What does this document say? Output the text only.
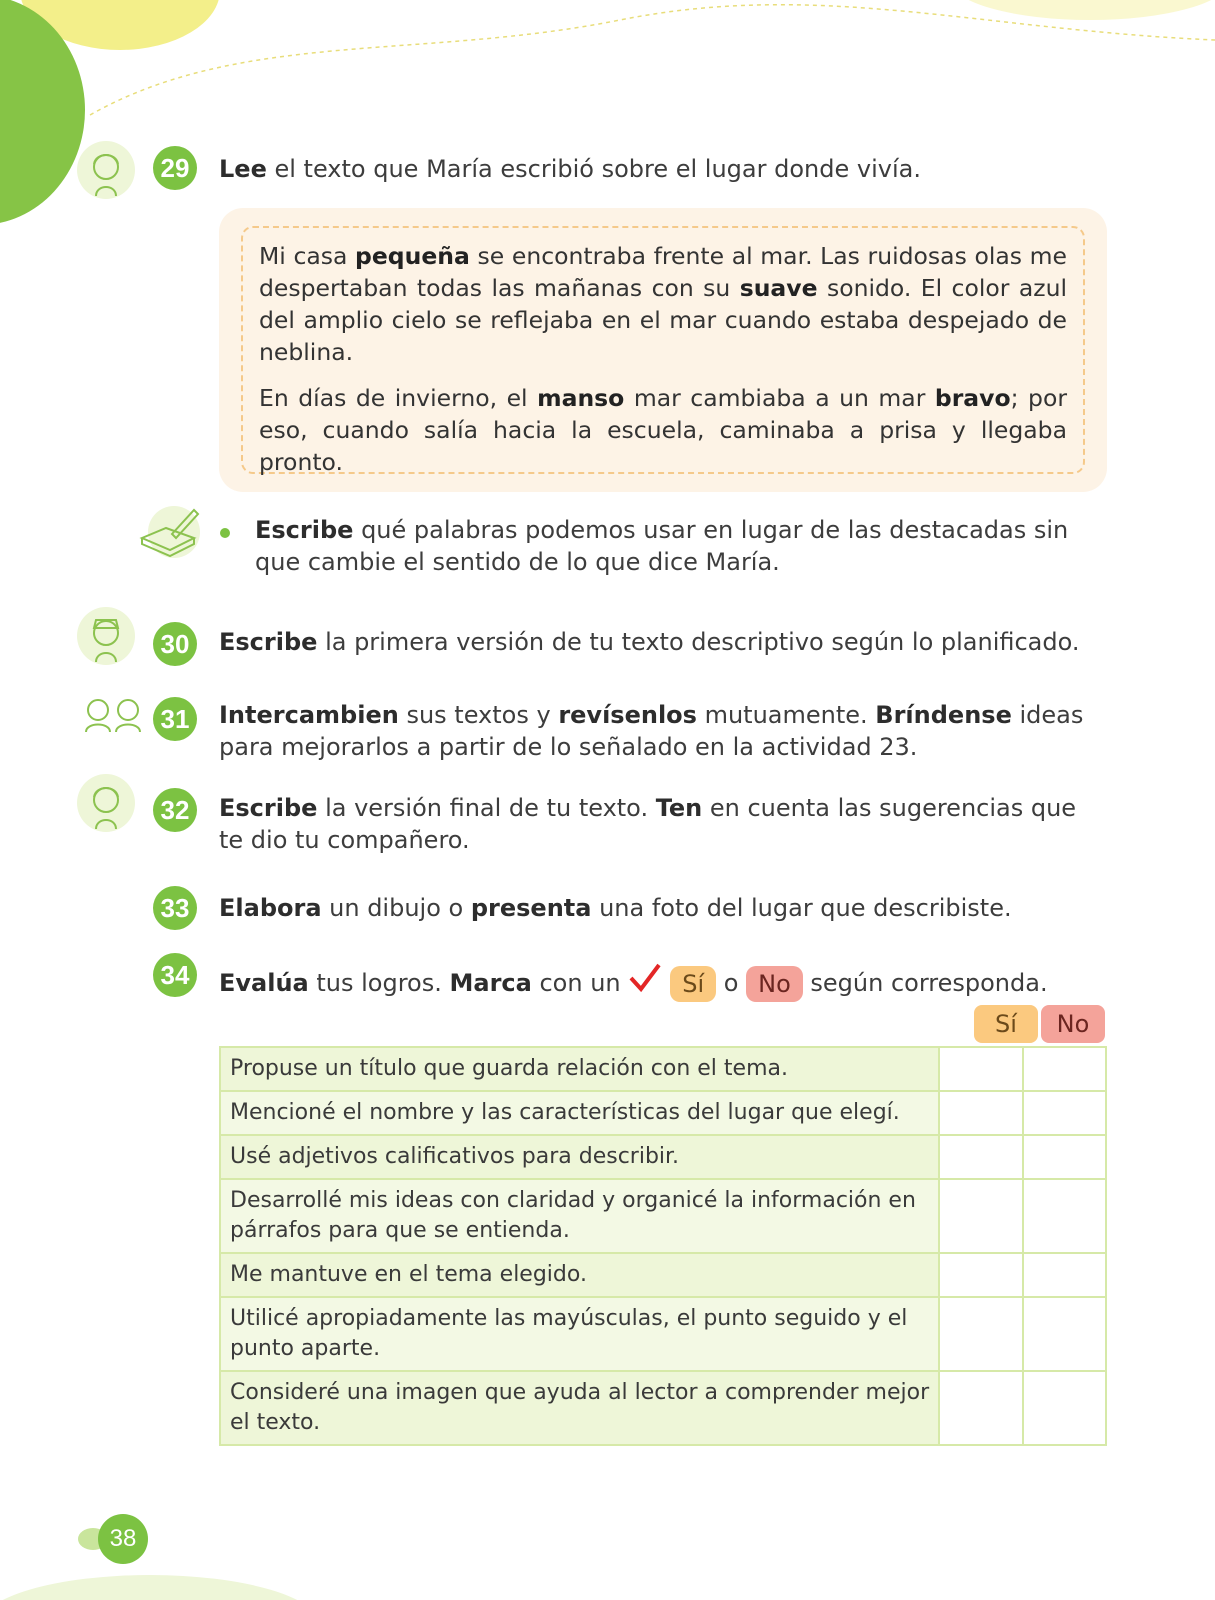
29	Lee el texto que María escribió sobre el lugar donde vivía.

Mi casa pequeña se encontraba frente al mar. Las ruidosas olas me despertaban todas las mañanas con su suave sonido. El color azul del amplio cielo se reflejaba en el mar cuando estaba despejado de neblina.

En días de invierno, el manso mar cambiaba a un mar bravo; por eso, cuando salía hacia la escuela, caminaba a prisa y llegaba pronto.

Escribe qué palabras podemos usar en lugar de las destacadas sin que cambie el sentido de lo que dice María.
30	Escribe la primera versión de tu texto descriptivo según lo planificado.
31	Intercambien sus textos y revísenlos mutuamente. Bríndense ideas para mejorarlos a partir de lo señalado en la actividad 23.
32	Escribe la versión final de tu texto. Ten en cuenta las sugerencias que te dio tu compañero.
33	Elabora un dibujo o presenta una foto del lugar que describiste.
34	Evalúa tus logros. Marca con un Sí o No según corresponda.
Sí	No
Propuse un título que guarda relación con el tema.		
Mencioné el nombre y las características del lugar que elegí.		
Usé adjetivos calificativos para describir.		
Desarrollé mis ideas con claridad y organicé la información en párrafos para que se entienda.		
Me mantuve en el tema elegido.		
Utilicé apropiadamente las mayúsculas, el punto seguido y el punto aparte.		
Consideré una imagen que ayuda al lector a comprender mejor el texto.		
38
